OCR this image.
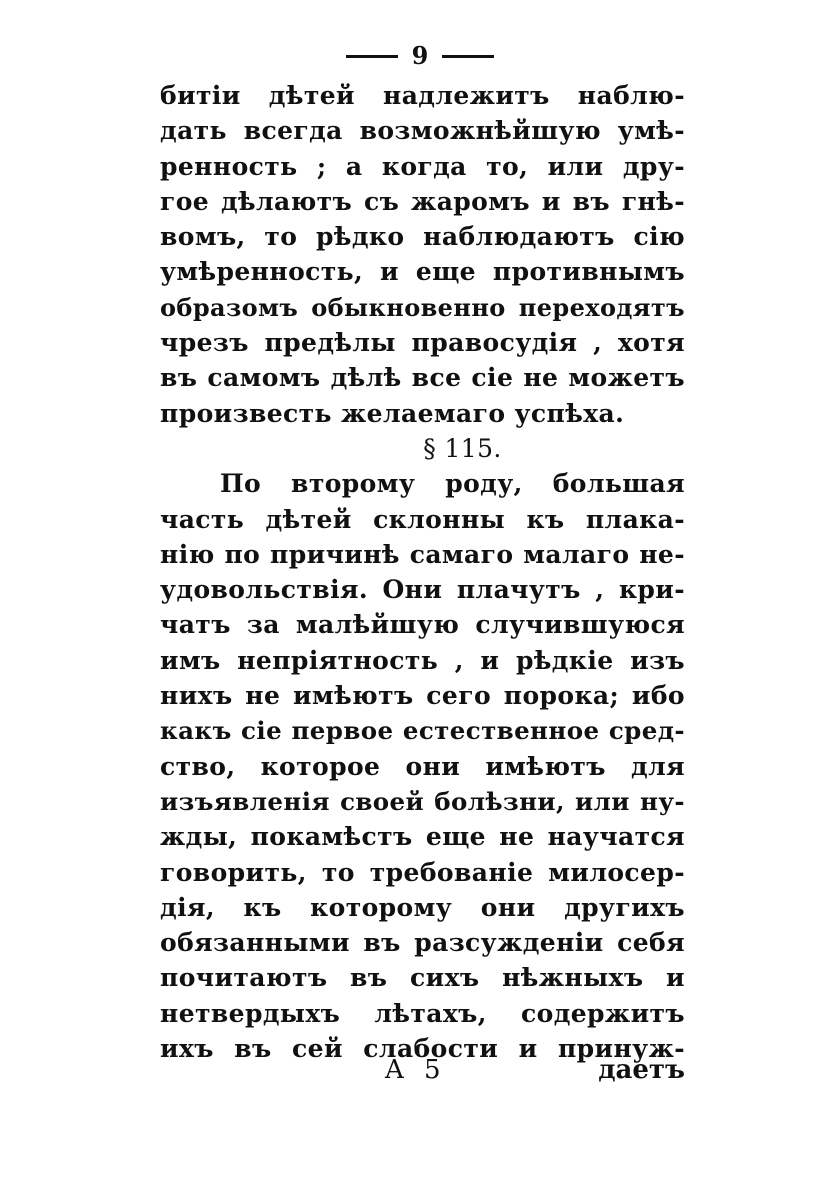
9
битіи дѣтей надлежитъ наблю-
дать всегда возможнѣйшую умѣ-
ренность ; а когда то, или дру-
гое дѣлаютъ съ жаромъ и въ гнѣ-
вомъ, то рѣдко наблюдаютъ сію
умѣренность, и еще противнымъ
образомъ обыкновенно переходятъ
чрезъ предѣлы правосудія , хотя
въ самомъ дѣлѣ все сіе не можетъ
произвесть желаемаго успѣха.
§ 115.
По второму роду, большая
часть дѣтей склонны къ плака-
нію по причинѣ самаго малаго не-
удовольствія. Они плачутъ , кри-
чатъ за малѣйшую случившуюся
имъ непріятность , и рѣдкіе изъ
нихъ не имѣютъ сего порока; ибо
какъ сіе первое естественное сред-
ство, которое они имѣютъ для
изъявленія своей болѣзни, или ну-
жды, покамѣстъ еще не научатся
говорить, то требованіе милосер-
дія, къ которому они другихъ
обязанными въ разсужденіи себя
почитаютъ въ сихъ нѣжныхъ и
нетвердыхъ лѣтахъ, содержитъ
ихъ въ сей слабости и принуж-
A 5	даетъ
